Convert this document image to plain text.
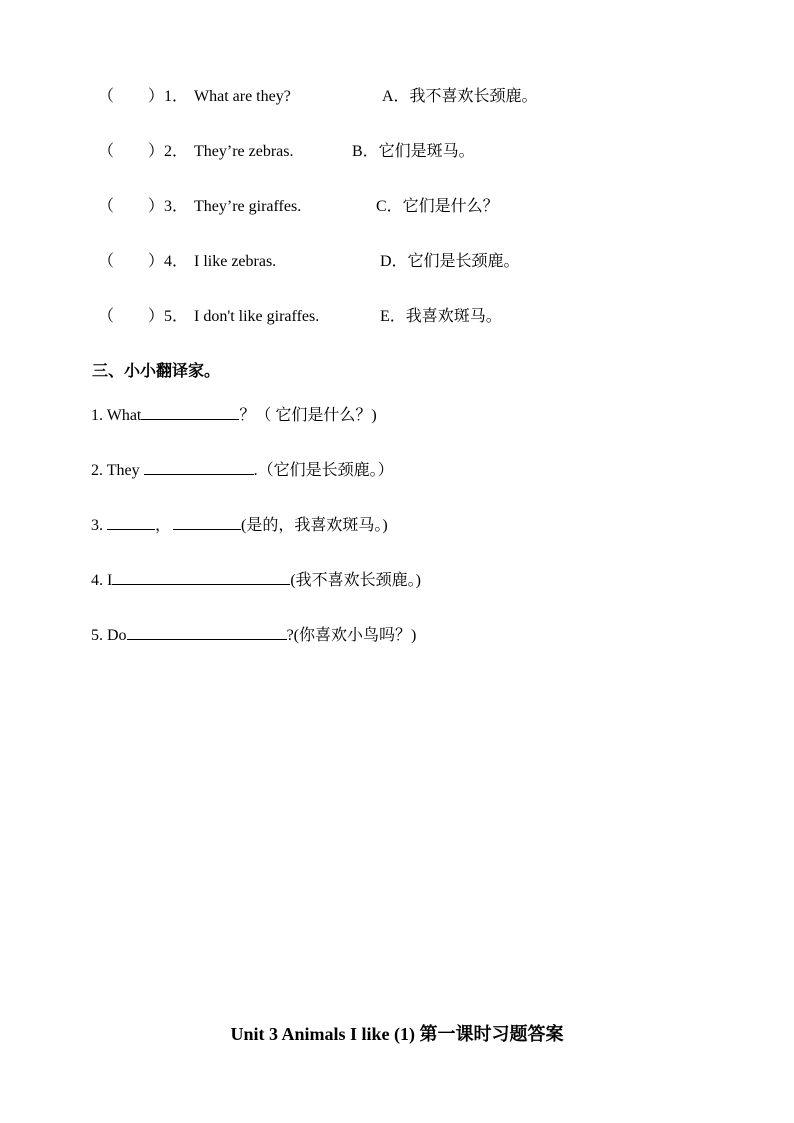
（ ） 1． What are they?	A．我不喜欢长颈鹿。
（ ） 2． They’re zebras.	B．它们是斑马。
（ ） 3． They’re giraffes.	C．它们是什么？
（ ） 4． I like zebras.	D．它们是长颈鹿。
（ ） 5． I don't like giraffes.	E．我喜欢斑马。
三、小小翻译家。
1. What	？（ 它们是什么？)
2. They	.（它们是长颈鹿。）
3.	，	(是的，我喜欢斑马。)
4. I	(我不喜欢长颈鹿。)
5. Do	?(你喜欢小鸟吗？)
Unit 3 Animals I like (1) 第一课时习题答案
